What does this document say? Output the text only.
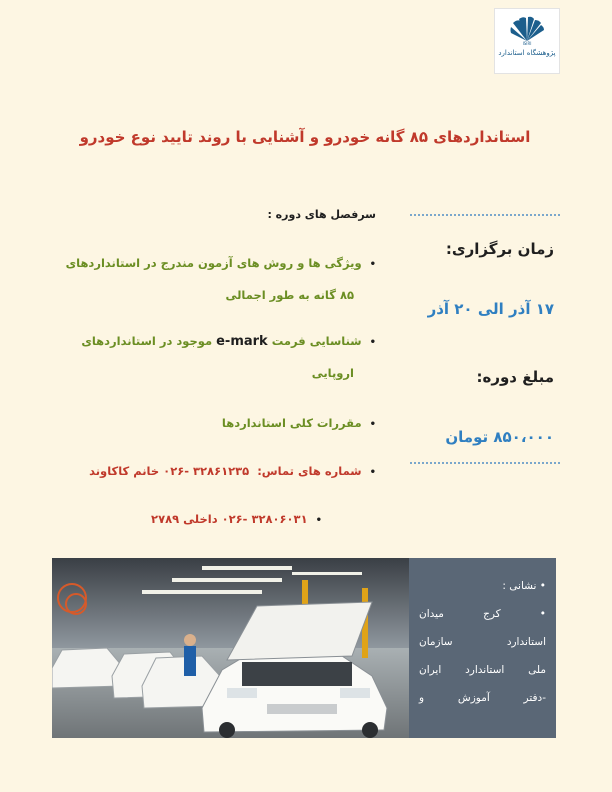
ISIRI
پژوهشگاه استاندارد
استانداردهای ۸۵ گانه خودرو و آشنایی با روند تایید نوع خودرو
زمان برگزاری:
۱۷ آذر الی ۲۰ آذر
مبلغ دوره:
۸۵۰،۰۰۰ تومان
سرفصل های دوره :
•ویژگی ها و روش های آزمون مندرج در استانداردهای
۸۵ گانه به طور اجمالی
•شناسایی فرمت e-mark موجود در استانداردهای
اروپایی
•مقررات کلی استانداردها
•شماره های تماس:  ۳۲۸۶۱۲۳۵ -۰۲۶ خانم کاکاوند
•۳۲۸۰۶۰۳۱ -۰۲۶ داخلی ۲۷۸۹
• نشانی :
• کرج میدان
استاندارد سازمان
ملی استاندارد ایران
-دفتر آموزش و
